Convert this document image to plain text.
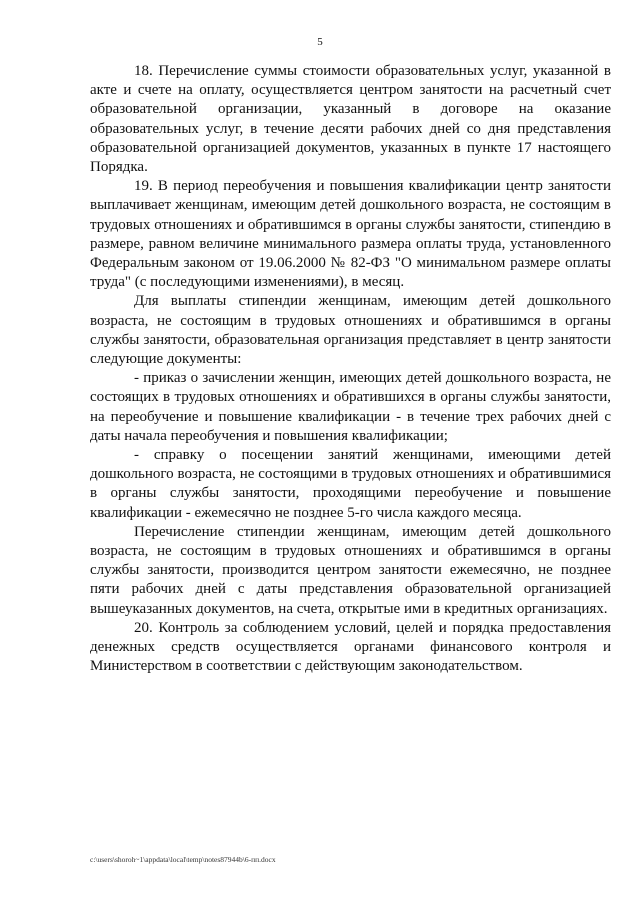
5

18. Перечисление суммы стоимости образовательных услуг, указанной в акте и счете на оплату, осуществляется центром занятости на расчетный счет образовательной организации, указанный в договоре на оказание образовательных услуг, в течение десяти рабочих дней со дня представления образовательной организацией документов, указанных в пункте 17 настоящего Порядка.

19. В период переобучения и повышения квалификации центр занятости выплачивает женщинам, имеющим детей дошкольного возраста, не состоящим в трудовых отношениях и обратившимся в органы службы занятости, стипендию в размере, равном величине минимального размера оплаты труда, установленного Федеральным законом от 19.06.2000 № 82-ФЗ "О минимальном размере оплаты труда" (с последующими изменениями), в месяц.

Для выплаты стипендии женщинам, имеющим детей дошкольного возраста, не состоящим в трудовых отношениях и обратившимся в органы службы занятости, образовательная организация представляет в центр занятости следующие документы:

- приказ о зачислении женщин, имеющих детей дошкольного возраста, не состоящих в трудовых отношениях и обратившихся в органы службы занятости, на переобучение и повышение квалификации - в течение трех рабочих дней с даты начала переобучения и повышения квалификации;

- справку о посещении занятий женщинами, имеющими детей дошкольного возраста, не состоящими в трудовых отношениях и обратившимися в органы службы занятости, проходящими переобучение и повышение квалификации - ежемесячно не позднее 5-го числа каждого месяца.

Перечисление стипендии женщинам, имеющим детей дошкольного возраста, не состоящим в трудовых отношениях и обратившимся в органы службы занятости, производится центром занятости ежемесячно, не позднее пяти рабочих дней с даты представления образовательной организацией вышеуказанных документов, на счета, открытые ими в кредитных организациях.

20. Контроль за соблюдением условий, целей и порядка предоставления денежных средств осуществляется органами финансового контроля и Министерством в соответствии с действующим законодательством.

c:\users\shoroh~1\appdata\local\temp\notes87944b\6-пп.docx
